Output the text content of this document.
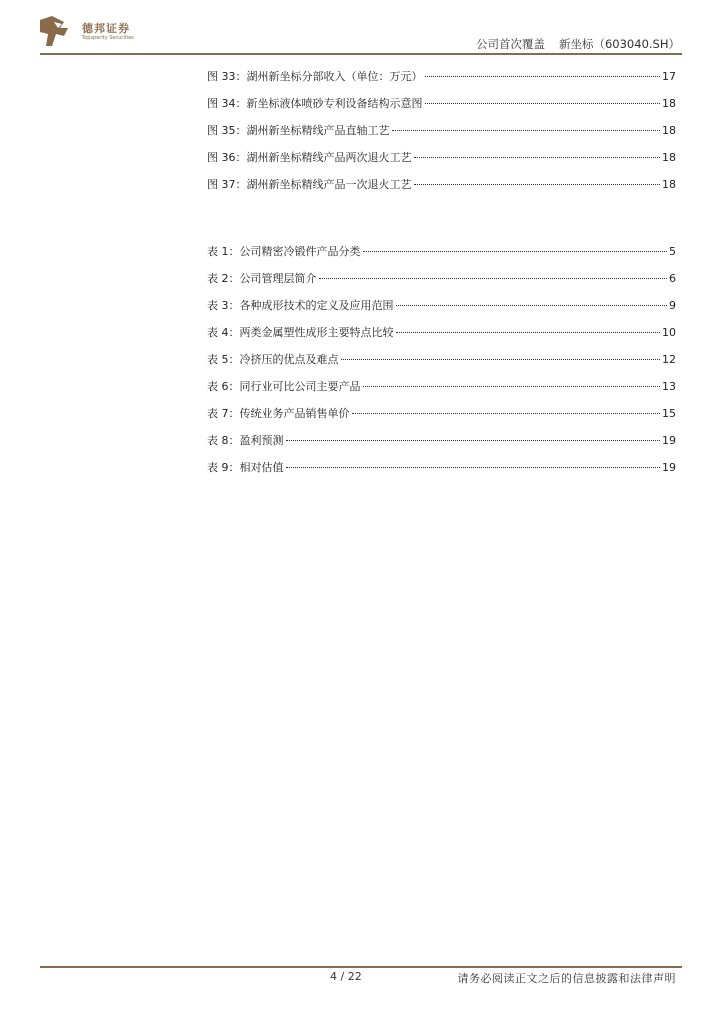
德邦证券
Topsperity Securities	公司首次覆盖 新坐标（603040.SH）
图 33：湖州新坐标分部收入（单位：万元）	17
图 34：新坐标液体喷砂专利设备结构示意图	18
图 35：湖州新坐标精线产品直轴工艺	18
图 36：湖州新坐标精线产品两次退火工艺	18
图 37：湖州新坐标精线产品一次退火工艺	18
表 1：公司精密冷锻件产品分类	5
表 2：公司管理层简介	6
表 3：各种成形技术的定义及应用范围	9
表 4：两类金属塑性成形主要特点比较	10
表 5：冷挤压的优点及难点	12
表 6：同行业可比公司主要产品	13
表 7：传统业务产品销售单价	15
表 8：盈利预测	19
表 9：相对估值	19
4 / 22	请务必阅读正文之后的信息披露和法律声明
